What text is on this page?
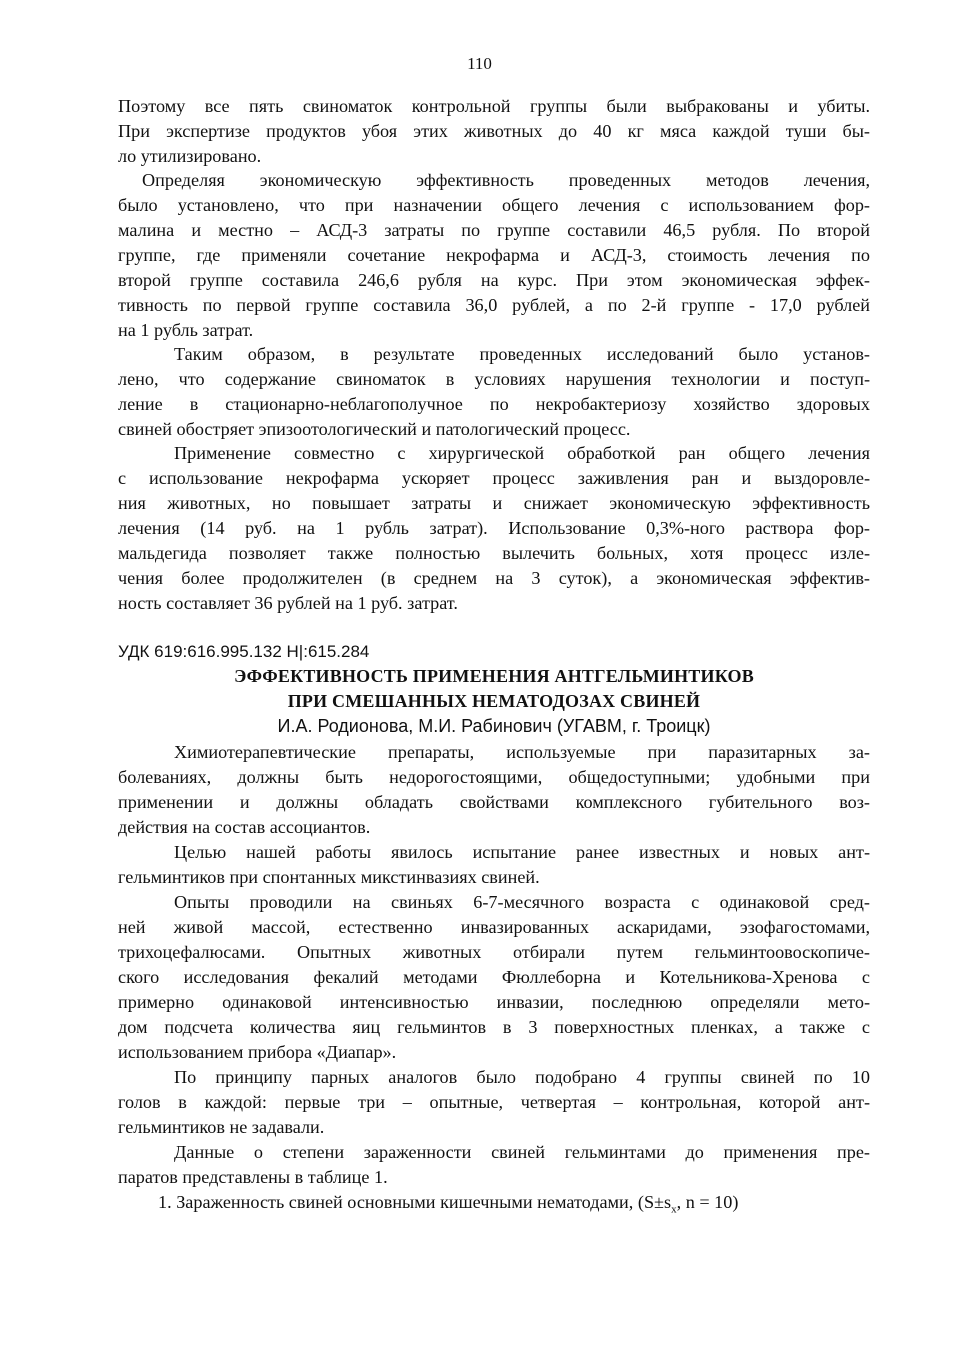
110
Поэтому все пять свиноматок контрольной группы были выбракованы и убиты.
При экспертизе продуктов убоя этих животных до 40 кг мяса каждой туши бы-
ло утилизировано.
Определяя экономическую эффективность проведенных методов лечения,
было установлено, что при назначении общего лечения с использованием фор-
малина и местно – АСД-3 затраты по группе составили 46,5 рубля. По второй
группе, где применяли сочетание некрофарма и АСД-3, стоимость лечения по
второй группе составила 246,6 рубля на курс. При этом экономическая эффек-
тивность по первой группе составила 36,0 рублей, а по 2-й группе - 17,0 рублей
на 1 рубль затрат.
Таким образом, в результате проведенных исследований было установ-
лено, что содержание свиноматок в условиях нарушения технологии и поступ-
ление в стационарно-неблагополучное по некробактериозу хозяйство здоровых
свиней обостряет эпизоотологический и патологический процесс.
Применение совместно с хирургической обработкой ран общего лечения
с использование некрофарма ускоряет процесс заживления ран и выздоровле-
ния животных, но повышает затраты и снижает экономическую эффективность
лечения (14 руб. на 1 рубль затрат). Использование 0,3%-ного раствора фор-
мальдегида позволяет также полностью вылечить больных, хотя процесс изле-
чения более продолжителен (в среднем на 3 суток), а экономическая эффектив-
ность составляет 36 рублей на 1 руб. затрат.
УДК 619:616.995.132 Н|:615.284
ЭФФЕКТИВНОСТЬ ПРИМЕНЕНИЯ АНТГЕЛЬМИНТИКОВ
ПРИ СМЕШАННЫХ НЕМАТОДОЗАХ СВИНЕЙ
И.А. Родионова, М.И. Рабинович (УГАВМ, г. Троицк)
Химиотерапевтические препараты, используемые при паразитарных за-
болеваниях, должны быть недорогостоящими, общедоступными; удобными при
применении и должны обладать свойствами комплексного губительного воз-
действия на состав ассоциантов.
Целью нашей работы явилось испытание ранее известных и новых ант-
гельминтиков при спонтанных микстинвазиях свиней.
Опыты проводили на свиньях 6-7-месячного возраста с одинаковой сред-
ней живой массой, естественно инвазированных аскаридами, эзофагостомами,
трихоцефалюсами. Опытных животных отбирали путем гельминтоовоскопиче-
ского исследования фекалий методами Фюллеборна и Котельникова-Хренова с
примерно одинаковой интенсивностью инвазии, последнюю определяли мето-
дом подсчета количества яиц гельминтов в 3 поверхностных пленках, а также с
использованием прибора «Диапар».
По принципу парных аналогов было подобрано 4 группы свиней по 10
голов в каждой: первые три – опытные, четвертая – контрольная, которой ант-
гельминтиков не задавали.
Данные о степени зараженности свиней гельминтами до применения пре-
паратов представлены в таблице 1.
1. Зараженность свиней основными кишечными нематодами, ($S\pm s_x$, n = 10)
